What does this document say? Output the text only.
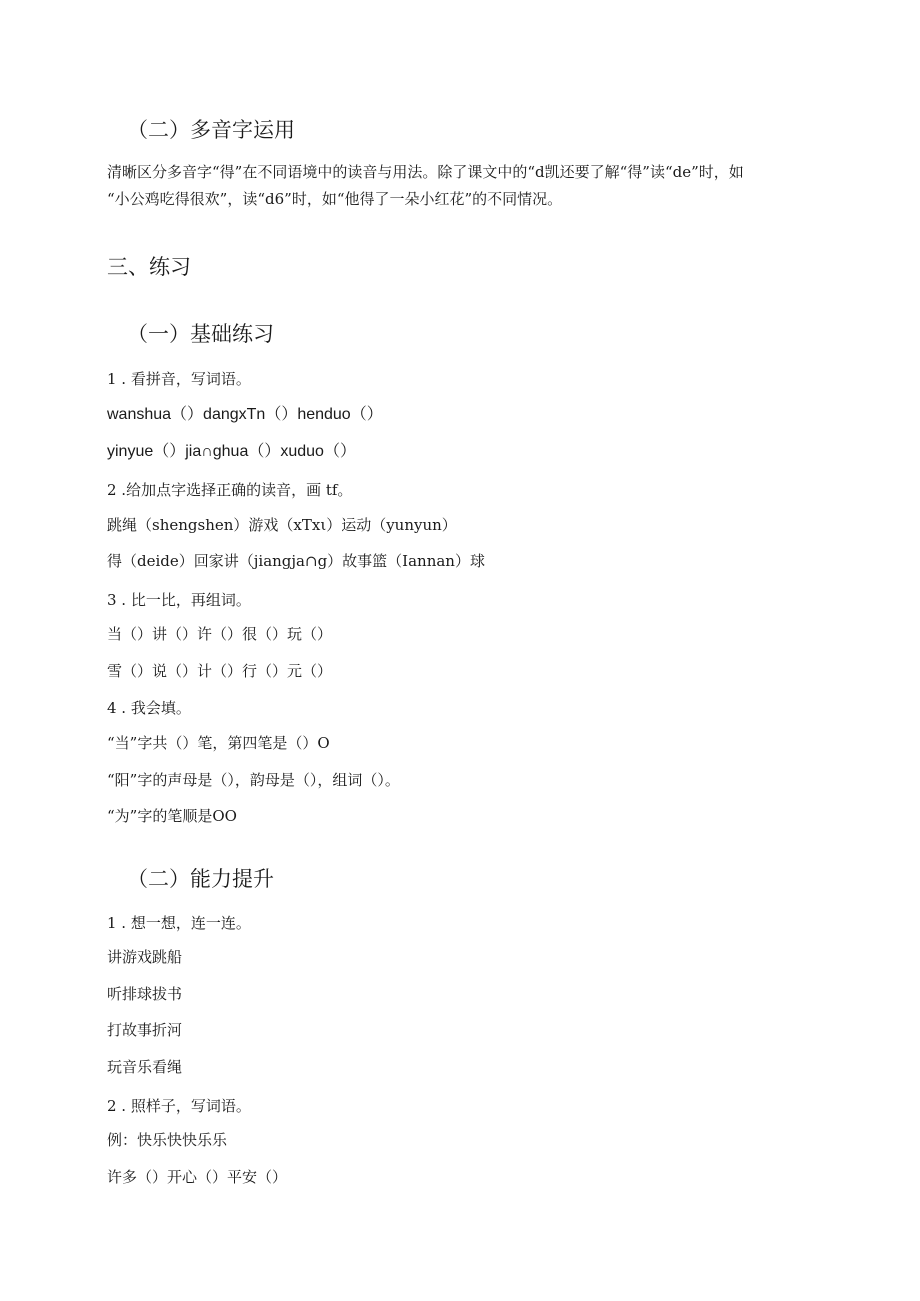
（二）多音字运用
清晰区分多音字“得”在不同语境中的读音与用法。除了课文中的“d凯还要了解“得”读“de”时，如
“小公鸡吃得很欢”，读“d6”时，如“他得了一朵小红花”的不同情况。
三、练习
（一）基础练习
1 . 看拼音，写词语。
wanshua（）dangxTn（）henduo（）
yinyue（）jia∩ghua（）xuduo（）
2 .给加点字选择正确的读音，画 tf。
跳绳（shengshen）游戏（xTxι）运动（yunyun）
得（deide）回家讲（jiangja∩g）故事篮（Iannan）球
3 . 比一比，再组词。
当（）讲（）许（）很（）玩（）
雪（）说（）计（）行（）元（）
4 . 我会填。
“当”字共（）笔，第四笔是（）O
“阳”字的声母是（），韵母是（），组词（）。
“为”字的笔顺是OO
（二）能力提升
1 . 想一想，连一连。
讲游戏跳船
听排球拔书
打故事折河
玩音乐看绳
2 . 照样子，写词语。
例：快乐快快乐乐
许多（）开心（）平安（）
